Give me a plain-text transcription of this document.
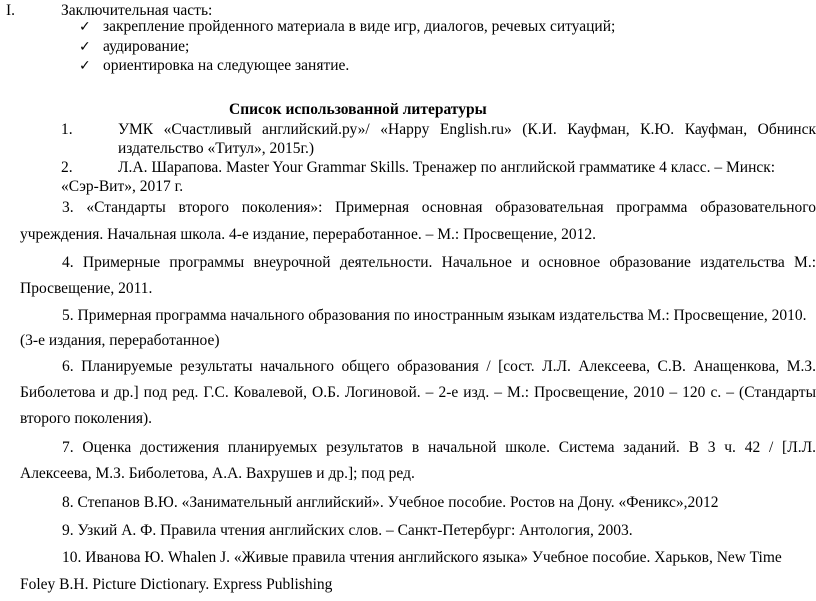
I.	Заключительная часть:
✓ закрепление пройденного материала в виде игр, диалогов, речевых ситуаций;
✓ аудирование;
✓ ориентировка на следующее занятие.
Список использованной литературы
1.	УМК «Счастливый английский.ру»/ «Happy English.ru» (К.И. Кауфман, К.Ю. Кауфман, Обнинск
издательство «Титул», 2015г.)
2.	Л.А. Шарапова. Master Your Grammar Skills. Тренажер по английской грамматике 4 класс. – Минск:
«Сэр-Вит», 2017 г.
3. «Стандарты второго поколения»: Примерная основная образовательная программа образовательного
учреждения. Начальная школа. 4-е издание, переработанное. – М.: Просвещение, 2012.
4. Примерные программы внеурочной деятельности. Начальное и основное образование издательства М.:
Просвещение, 2011.
5. Примерная программа начального образования по иностранным языкам издательства М.: Просвещение, 2010.
(3-е издания, переработанное)
6. Планируемые результаты начального общего образования / [сост. Л.Л. Алексеева, С.В. Анащенкова, М.З.
Биболетова и др.] под ред. Г.С. Ковалевой, О.Б. Логиновой. – 2-е изд. – М.: Просвещение, 2010 – 120 с. – (Стандарты
второго поколения).
7. Оценка достижения планируемых результатов в начальной школе. Система заданий. В 3 ч. 42 / [Л.Л.
Алексеева, М.З. Биболетова, А.А. Вахрушев и др.]; под ред.
8. Степанов В.Ю. «Занимательный английский». Учебное пособие. Ростов на Дону. «Феникс»,2012
9. Узкий А. Ф. Правила чтения английских слов. – Санкт-Петербург: Антология, 2003.
10. Иванова Ю. Whalen J. «Живые правила чтения английского языка» Учебное пособие. Харьков, New Time
Foley B.H. Picture Dictionary. Express Publishing
